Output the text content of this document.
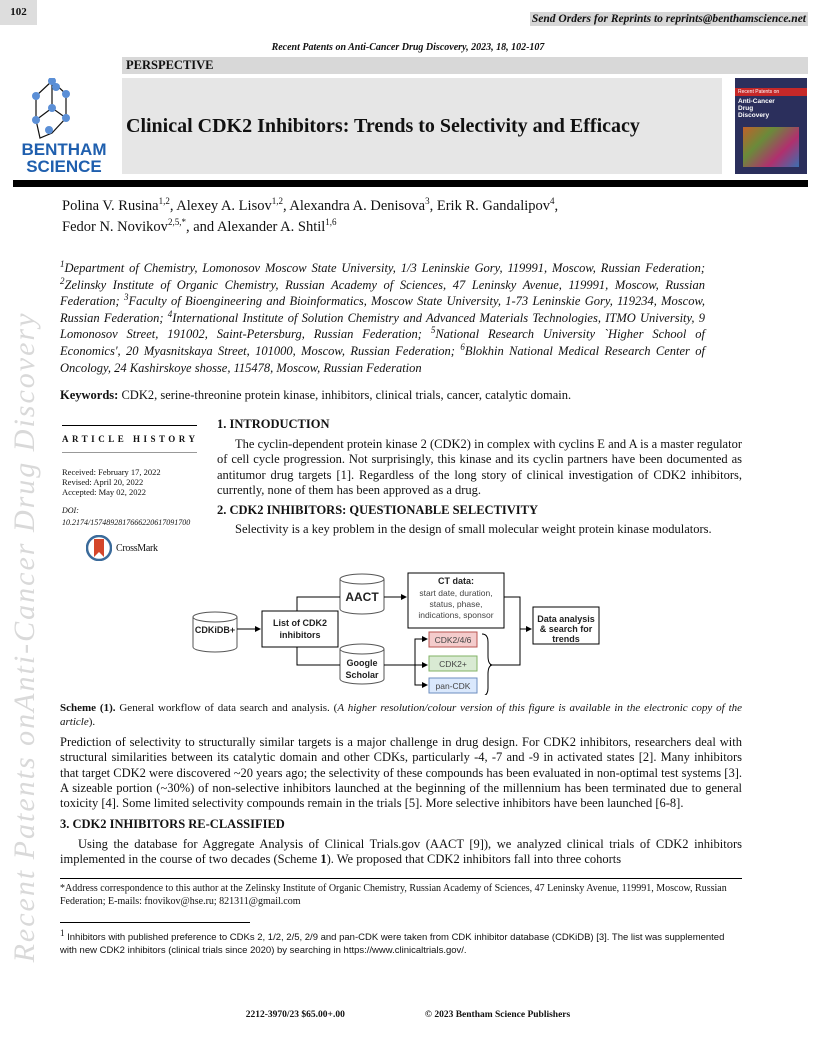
102
Send Orders for Reprints to reprints@benthamscience.net
Recent Patents on Anti-Cancer Drug Discovery, 2023, 18, 102-107
Recent Patents onAnti-Cancer Drug Discovery
BENTHAM
SCIENCE
PERSPECTIVE
Clinical CDK2 Inhibitors: Trends to Selectivity and Efficacy
Recent Patents on
Anti-Cancer Drug Discovery
Polina V. Rusina$^{1,2}$, Alexey A. Lisov$^{1,2}$, Alexandra A. Denisova$^3$, Erik R. Gandalipov$^4$,
Fedor N. Novikov$^{2,5,*}$, and Alexander A. Shtil$^{1,6}$
$^1$Department of Chemistry, Lomonosov Moscow State University, 1/3 Leninskie Gory, 119991, Moscow, Russian Federation; $^2$Zelinsky Institute of Organic Chemistry, Russian Academy of Sciences, 47 Leninsky Avenue, 119991, Moscow, Russian Federation; $^3$Faculty of Bioengineering and Bioinformatics, Moscow State University, 1-73 Leninskie Gory, 119234, Moscow, Russian Federation; $^4$International Institute of Solution Chemistry and Advanced Materials Technologies, ITMO University, 9 Lomonosov Street, 191002, Saint-Petersburg, Russian Federation; $^5$National Research University `Higher School of Economics', 20 Myasnitskaya Street, 101000, Moscow, Russian Federation; $^6$Blokhin National Medical Research Center of Oncology, 24 Kashirskoye shosse, 115478, Moscow, Russian Federation
Keywords: CDK2, serine-threonine protein kinase, inhibitors, clinical trials, cancer, catalytic domain.
ARTICLE HISTORY
Received: February 17, 2022
Revised: April 20, 2022
Accepted: May 02, 2022
DOI:
10.2174/1574892817666220617091700
CrossMark
1. INTRODUCTION

The cyclin-dependent protein kinase 2 (CDK2) in complex with cyclins E and A is a master regulator of cell cycle progression. Not surprisingly, this kinase and its cyclin partners have been documented as antitumor drug targets [1]. Regardless of the long story of clinical investigation of CDK2 inhibitors, currently, none of them has been approved as a drug.

2. CDK2 INHIBITORS: QUESTIONABLE SELECTIVITY

Selectivity is a key problem in the design of small molecular weight protein kinase modulators.

CDKiDB+
List of CDK2
inhibitors
AACT
Google
Scholar
CT data:
Data analysis
& search for
trends
start date, duration,
status, phase,
indications, sponsor
CDK2/4/6
CDK2+
pan-CDK
Scheme (1). General workflow of data search and analysis. (A higher resolution/colour version of this figure is available in the electronic copy of the article).

Prediction of selectivity to structurally similar targets is a major challenge in drug design. For CDK2 inhibitors, researchers deal with structural similarities between its catalytic domain and other CDKs, particularly -4, -7 and -9 in activated states [2]. Many inhibitors that target CDK2 were discovered ~20 years ago; the selectivity of these compounds has been evaluated in non-optimal test systems [3]. A sizeable portion (~30%) of non-selective inhibitors launched at the beginning of the millennium has been terminated due to general toxicity [4]. Some limited selectivity compounds remain in the trials [5]. More selective inhibitors have been launched [6-8].

3. CDK2 INHIBITORS RE-CLASSIFIED

Using the database for Aggregate Analysis of Clinical Trials.gov (AACT [9]), we analyzed clinical trials of CDK2 inhibitors implemented in the course of two decades (Scheme 1). We proposed that CDK2 inhibitors fall into three cohorts

*Address correspondence to this author at the Zelinsky Institute of Organic Chemistry, Russian Academy of Sciences, 47 Leninsky Avenue, 119991, Moscow, Russian Federation; E-mails: fnovikov@hse.ru; 821311@gmail.com
$^1$ Inhibitors with published preference to CDKs 2, 1/2, 2/5, 2/9 and pan-CDK were taken from CDK inhibitor database (CDKiDB) [3]. The list was supplemented with new CDK2 inhibitors (clinical trials since 2020) by searching in https://www.clinicaltrials.gov/.
2212-3970/23 $65.00+.00	© 2023 Bentham Science Publishers
